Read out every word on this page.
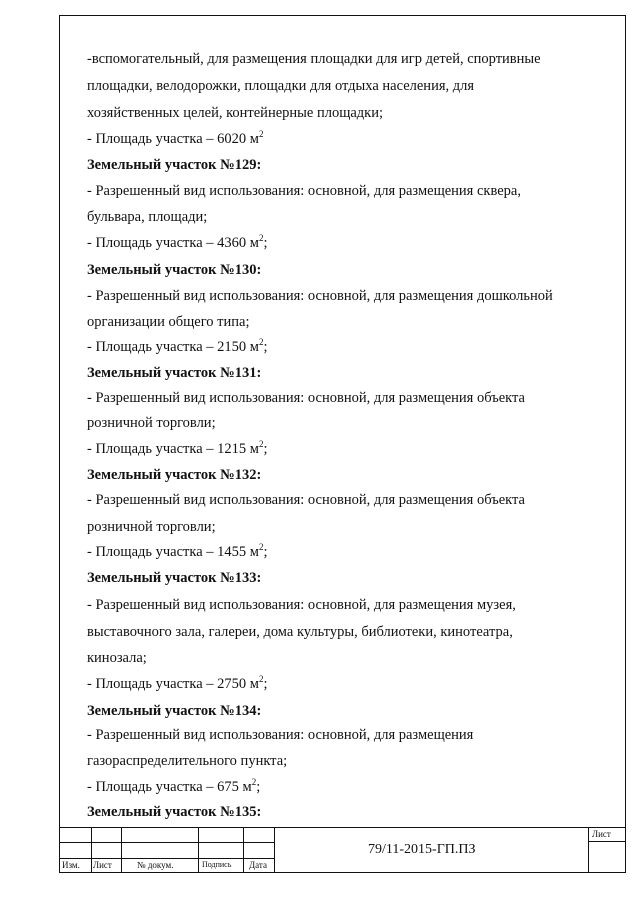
-вспомогательный, для размещения площадки для игр детей, спортивные
площадки, велодорожки, площадки для отдыха населения, для
хозяйственных целей, контейнерные площадки;
- Площадь участка – 6020 $м^2$
Земельный участок №129:
- Разрешенный вид использования: основной, для размещения сквера,
бульвара, площади;
- Площадь участка – 4360 $м^2$;
Земельный участок №130:
- Разрешенный вид использования: основной, для размещения дошкольной
организации общего типа;
- Площадь участка – 2150 $м^2$;
Земельный участок №131:
- Разрешенный вид использования: основной, для размещения объекта
розничной торговли;
- Площадь участка – 1215 $м^2$;
Земельный участок №132:
- Разрешенный вид использования: основной, для размещения объекта
розничной торговли;
- Площадь участка – 1455 $м^2$;
Земельный участок №133:
- Разрешенный вид использования: основной, для размещения музея,
выставочного зала, галереи, дома культуры, библиотеки, кинотеатра,
кинозала;
- Площадь участка – 2750 $м^2$;
Земельный участок №134:
- Разрешенный вид использования: основной, для размещения
газораспределительного пункта;
- Площадь участка – 675 $м^2$;
Земельный участок №135:
Изм. Лист	№ докум.	Подпись Дата
79/11-2015-ГП.ПЗ
Лист
